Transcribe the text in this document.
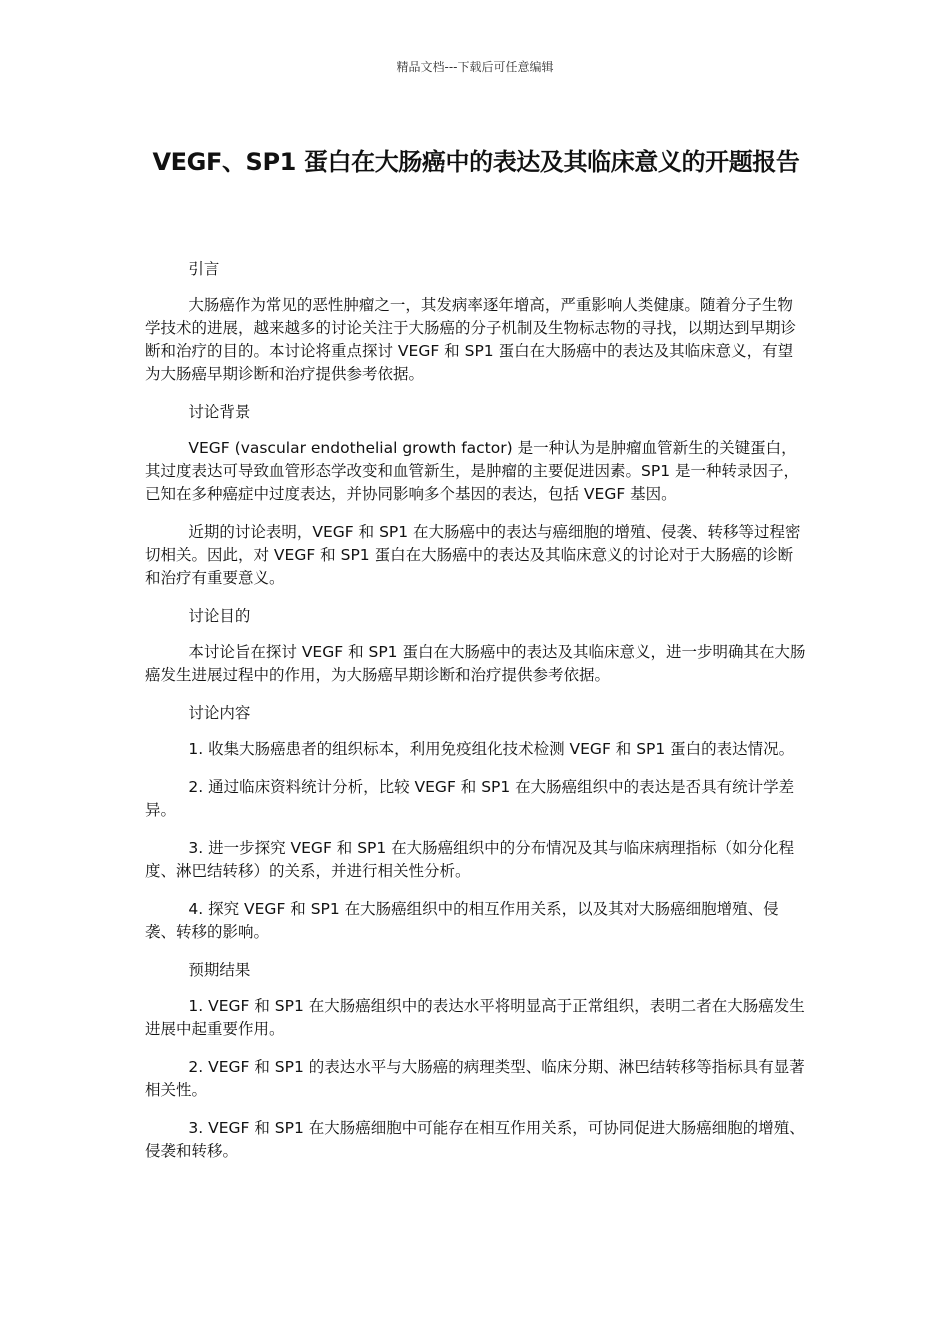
精品文档---下载后可任意编辑
VEGF、SP1 蛋白在大肠癌中的表达及其临床意义的开题报告

引言

大肠癌作为常见的恶性肿瘤之一，其发病率逐年增高，严重影响人类健康。随着分子生物学技术的进展，越来越多的讨论关注于大肠癌的分子机制及生物标志物的寻找，以期达到早期诊断和治疗的目的。本讨论将重点探讨 VEGF 和 SP1 蛋白在大肠癌中的表达及其临床意义，有望为大肠癌早期诊断和治疗提供参考依据。

讨论背景

VEGF (vascular endothelial growth factor) 是一种认为是肿瘤血管新生的关键蛋白，其过度表达可导致血管形态学改变和血管新生，是肿瘤的主要促进因素。SP1 是一种转录因子，已知在多种癌症中过度表达，并协同影响多个基因的表达，包括 VEGF 基因。

近期的讨论表明，VEGF 和 SP1 在大肠癌中的表达与癌细胞的增殖、侵袭、转移等过程密切相关。因此，对 VEGF 和 SP1 蛋白在大肠癌中的表达及其临床意义的讨论对于大肠癌的诊断和治疗有重要意义。

讨论目的

本讨论旨在探讨 VEGF 和 SP1 蛋白在大肠癌中的表达及其临床意义，进一步明确其在大肠癌发生进展过程中的作用，为大肠癌早期诊断和治疗提供参考依据。

讨论内容

1. 收集大肠癌患者的组织标本，利用免疫组化技术检测 VEGF 和 SP1 蛋白的表达情况。

2. 通过临床资料统计分析，比较 VEGF 和 SP1 在大肠癌组织中的表达是否具有统计学差异。

3. 进一步探究 VEGF 和 SP1 在大肠癌组织中的分布情况及其与临床病理指标（如分化程度、淋巴结转移）的关系，并进行相关性分析。

4. 探究 VEGF 和 SP1 在大肠癌组织中的相互作用关系，以及其对大肠癌细胞增殖、侵袭、转移的影响。

预期结果

1. VEGF 和 SP1 在大肠癌组织中的表达水平将明显高于正常组织，表明二者在大肠癌发生进展中起重要作用。

2. VEGF 和 SP1 的表达水平与大肠癌的病理类型、临床分期、淋巴结转移等指标具有显著相关性。

3. VEGF 和 SP1 在大肠癌细胞中可能存在相互作用关系，可协同促进大肠癌细胞的增殖、侵袭和转移。
